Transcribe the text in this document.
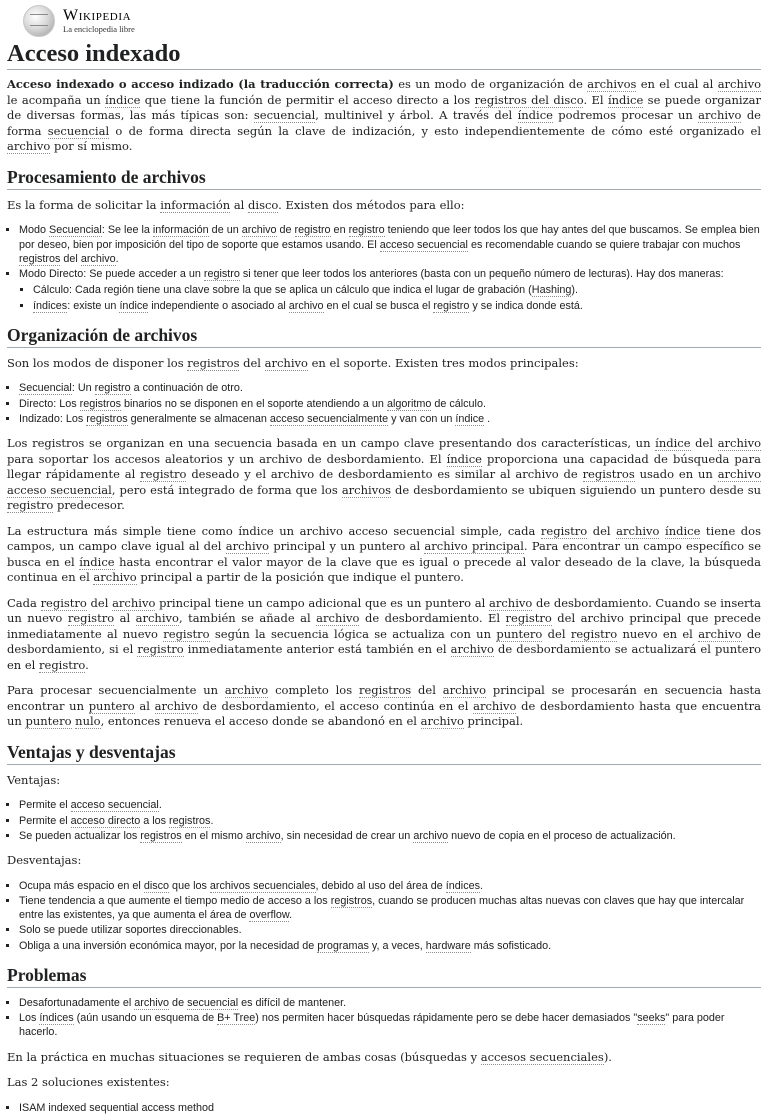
Wikipedia
La enciclopedia libre
Acceso indexado

Acceso indexado o acceso indizado (la traducción correcta) es un modo de organización de archivos en el cual al archivo le acompaña un índice que tiene la función de permitir el acceso directo a los registros del disco. El índice se puede organizar de diversas formas, las más típicas son: secuencial, multinivel y árbol. A través del índice podremos procesar un archivo de forma secuencial o de forma directa según la clave de indización, y esto independientemente de cómo esté organizado el archivo por sí mismo.

Procesamiento de archivos

Es la forma de solicitar la información al disco. Existen dos métodos para ello:

▪ Modo Secuencial: Se lee la información de un archivo de registro en registro teniendo que leer todos los que hay antes del que buscamos. Se emplea bien por deseo, bien por imposición del tipo de soporte que estamos usando. El acceso secuencial es recomendable cuando se quiere trabajar con muchos registros del archivo.
▪ Modo Directo: Se puede acceder a un registro si tener que leer todos los anteriores (basta con un pequeño número de lecturas). Hay dos maneras:
▪ Cálculo: Cada región tiene una clave sobre la que se aplica un cálculo que indica el lugar de grabación (Hashing).
▪ índices: existe un índice independiente o asociado al archivo en el cual se busca el registro y se indica donde está.
Organización de archivos

Son los modos de disponer los registros del archivo en el soporte. Existen tres modos principales:

▪ Secuencial: Un registro a continuación de otro.
▪ Directo: Los registros binarios no se disponen en el soporte atendiendo a un algoritmo de cálculo.
▪ Indizado: Los registros generalmente se almacenan acceso secuencialmente y van con un índice .

Los registros se organizan en una secuencia basada en un campo clave presentando dos características, un índice del archivo para soportar los accesos aleatorios y un archivo de desbordamiento. El índice proporciona una capacidad de búsqueda para llegar rápidamente al registro deseado y el archivo de desbordamiento es similar al archivo de registros usado en un archivo acceso secuencial, pero está integrado de forma que los archivos de desbordamiento se ubiquen siguiendo un puntero desde su registro predecesor.

La estructura más simple tiene como índice un archivo acceso secuencial simple, cada registro del archivo índice tiene dos campos, un campo clave igual al del archivo principal y un puntero al archivo principal. Para encontrar un campo específico se busca en el índice hasta encontrar el valor mayor de la clave que es igual o precede al valor deseado de la clave, la búsqueda continua en el archivo principal a partir de la posición que indique el puntero.

Cada registro del archivo principal tiene un campo adicional que es un puntero al archivo de desbordamiento. Cuando se inserta un nuevo registro al archivo, también se añade al archivo de desbordamiento. El registro del archivo principal que precede inmediatamente al nuevo registro según la secuencia lógica se actualiza con un puntero del registro nuevo en el archivo de desbordamiento, si el registro inmediatamente anterior está también en el archivo de desbordamiento se actualizará el puntero en el registro.

Para procesar secuencialmente un archivo completo los registros del archivo principal se procesarán en secuencia hasta encontrar un puntero al archivo de desbordamiento, el acceso continúa en el archivo de desbordamiento hasta que encuentra un puntero nulo, entonces renueva el acceso donde se abandonó en el archivo principal.

Ventajas y desventajas

Ventajas:

▪ Permite el acceso secuencial.
▪ Permite el acceso directo a los registros.
▪ Se pueden actualizar los registros en el mismo archivo, sin necesidad de crear un archivo nuevo de copia en el proceso de actualización.

Desventajas:

▪ Ocupa más espacio en el disco que los archivos secuenciales, debido al uso del área de índices.
▪ Tiene tendencia a que aumente el tiempo medio de acceso a los registros, cuando se producen muchas altas nuevas con claves que hay que intercalar entre las existentes, ya que aumenta el área de overflow.
▪ Solo se puede utilizar soportes direccionables.
▪ Obliga a una inversión económica mayor, por la necesidad de programas y, a veces, hardware más sofisticado.
Problemas
▪ Desafortunadamente el archivo de secuencial es difícil de mantener.
▪ Los índices (aún usando un esquema de B+ Tree) nos permiten hacer búsquedas rápidamente pero se debe hacer demasiados "seeks" para poder hacerlo.

En la práctica en muchas situaciones se requieren de ambas cosas (búsquedas y accesos secuenciales).

Las 2 soluciones existentes:

▪ ISAM indexed sequential access method
